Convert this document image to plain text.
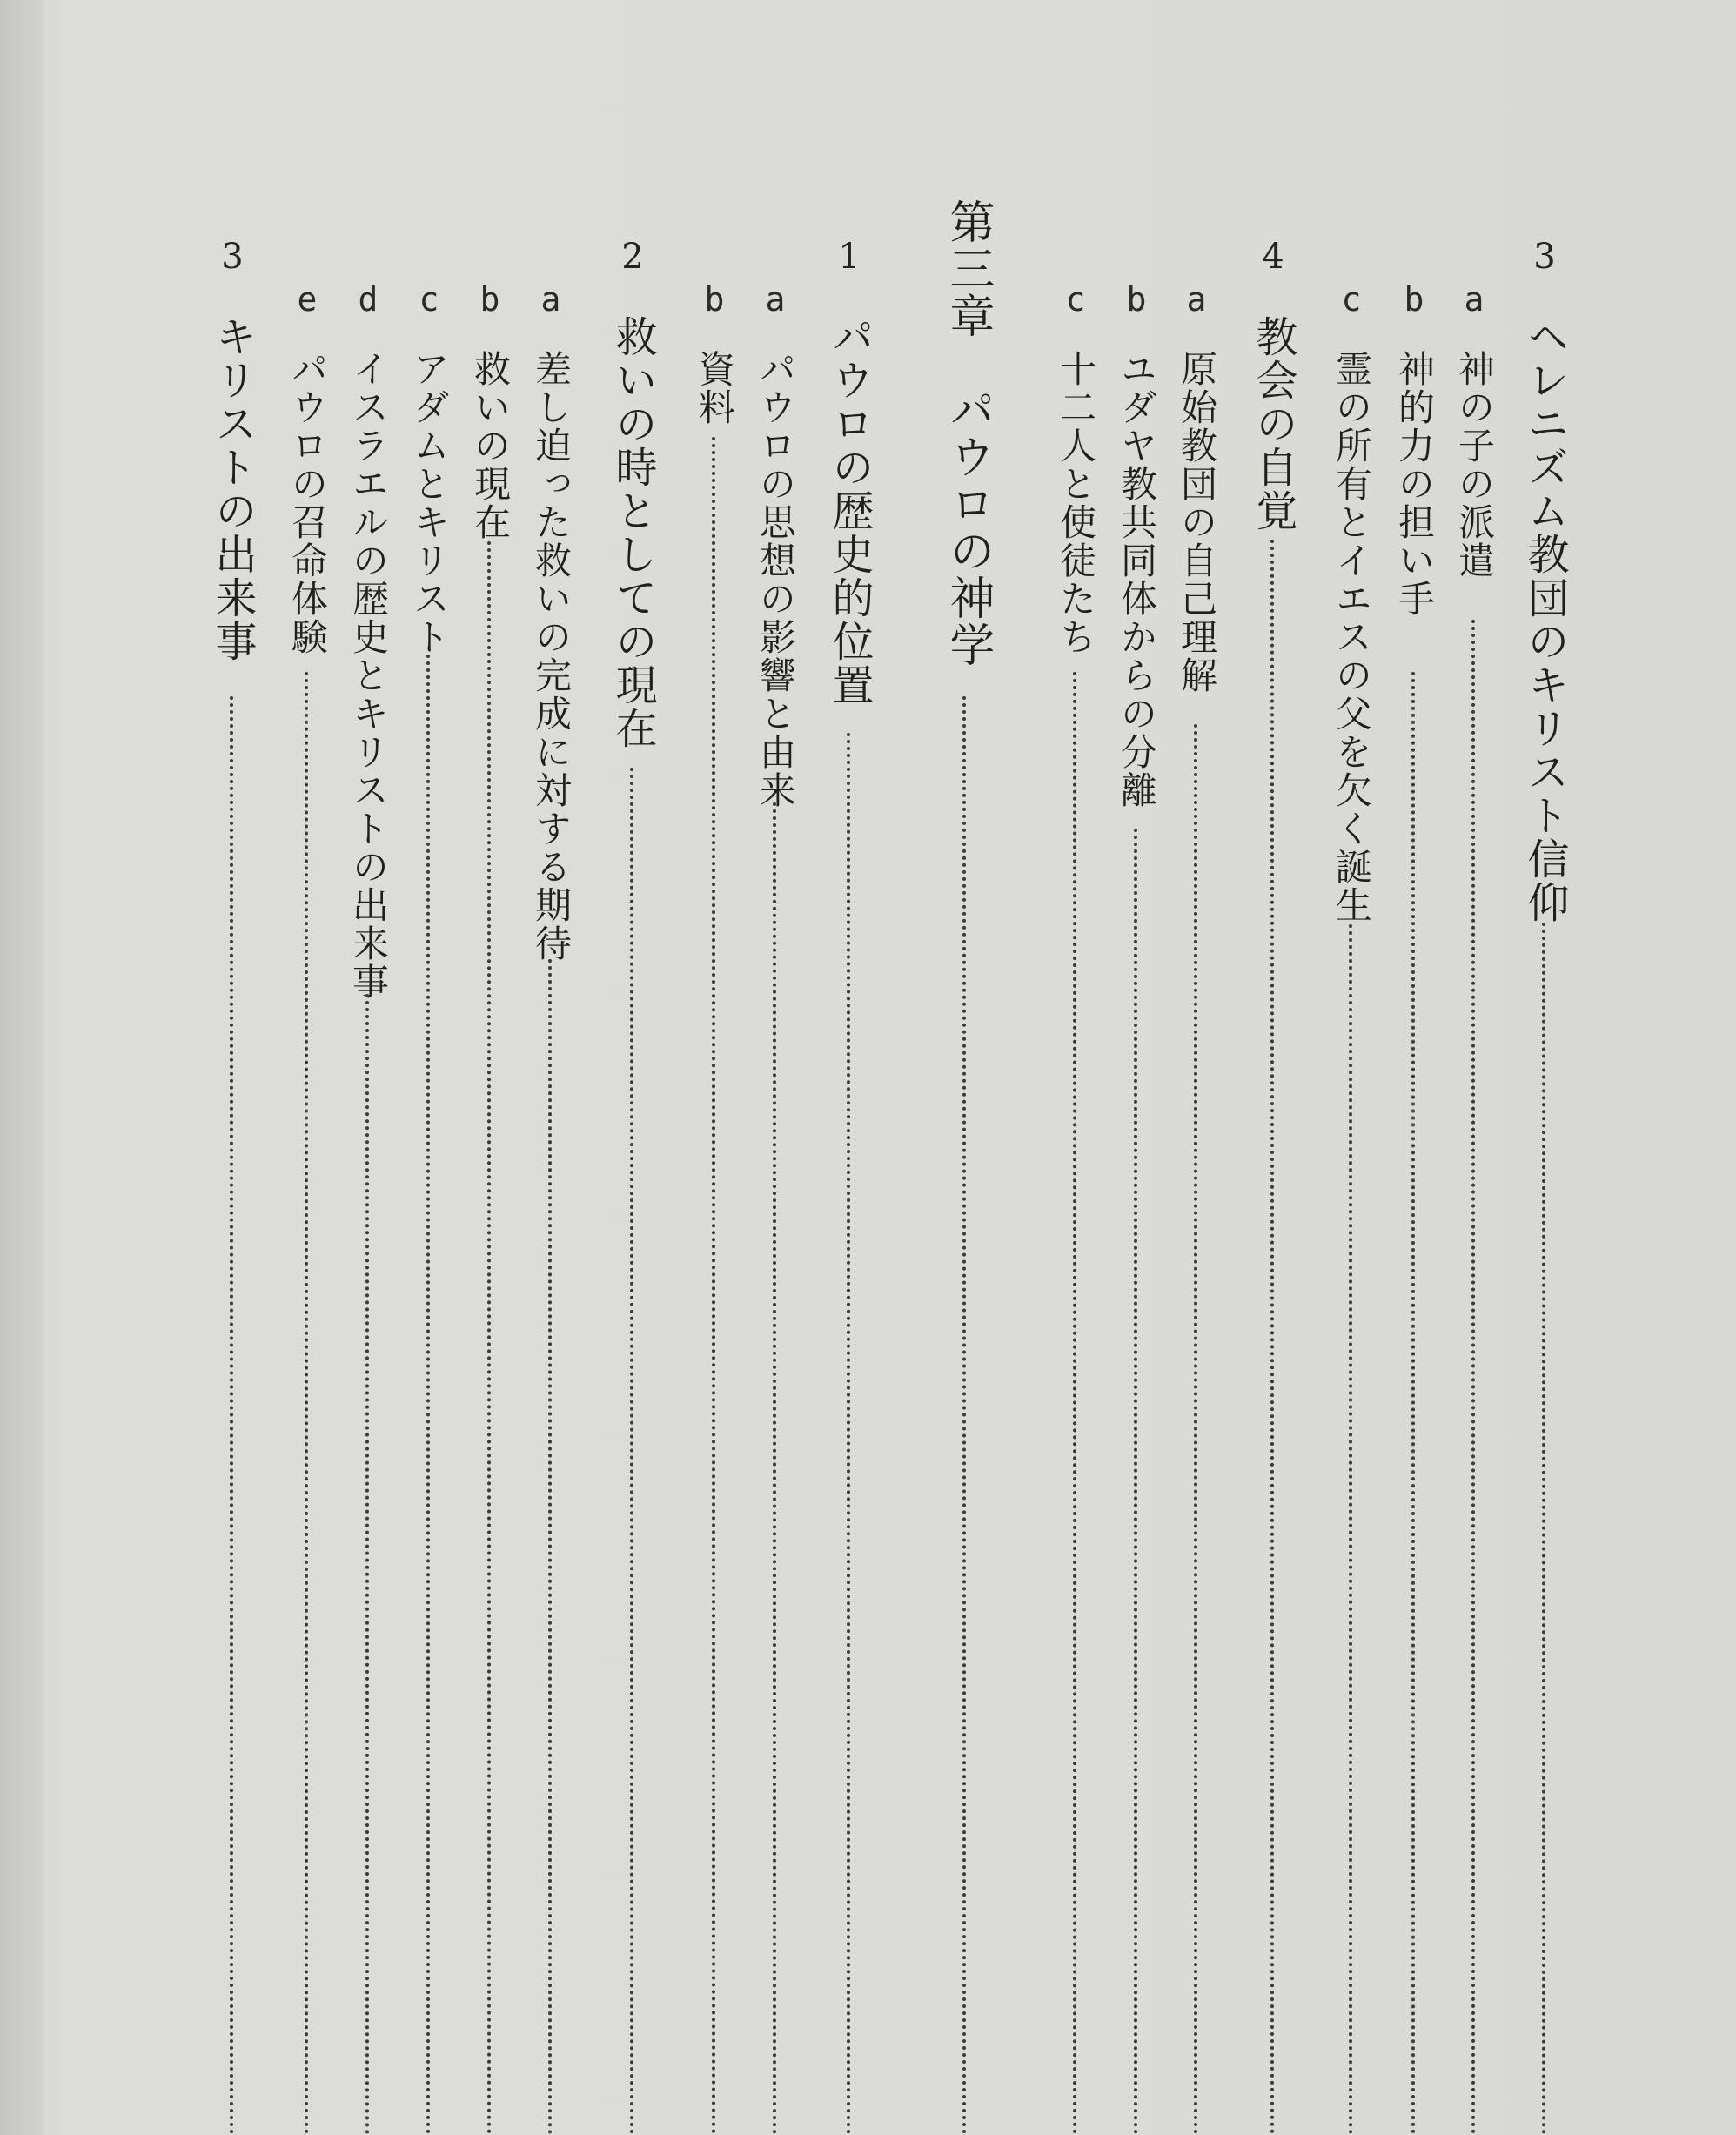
3
ヘレニズム教団のキリスト信仰
a
神の子の派遣
b
神的力の担い手
c
霊の所有とイエスの父を欠く誕生
4
教会の自覚
a
原始教団の自己理解
b
ユダヤ教共同体からの分離
c
十二人と使徒たち
第三章　パウロの神学
1
パウロの歴史的位置
a
パウロの思想の影響と由来
b
資料
2
救いの時としての現在
a
差し迫った救いの完成に対する期待
b
救いの現在
c
アダムとキリスト
d
イスラエルの歴史とキリストの出来事
e
パウロの召命体験
3
キリストの出来事
